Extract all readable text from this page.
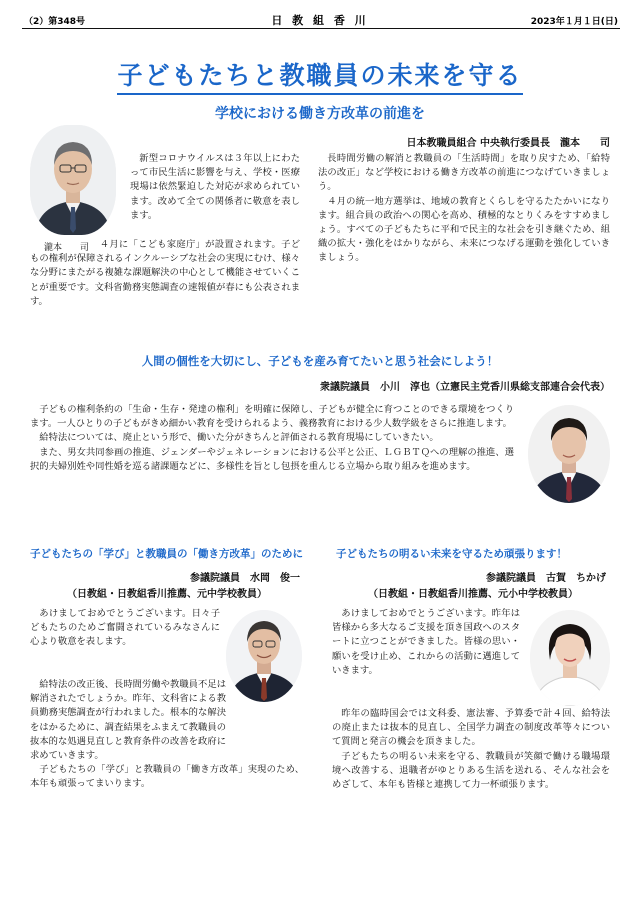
（2）第348号	日 教 組 香 川	2023年１月１日(日)
子どもたちと教職員の未来を守る
学校における働き方改革の前進を
日本教職員組合 中央執行委員長　瀧本　　司
瀧本　　司

新型コロナウイルスは３年以上にわたって市民生活に影響を与え、学校・医療現場は依然緊迫した対応が求められています。改めて全ての関係者に敬意を表します。

４月に「こども家庭庁」が設置されます。子どもの権利が保障されるインクルーシブな社会の実現にむけ、様々な分野にまたがる複雑な課題解決の中心として機能させていくことが重要です。文科省勤務実態調査の速報値が春にも公表されます。

長時間労働の解消と教職員の「生活時間」を取り戻すため、「給特法の改正」など学校における働き方改革の前進につなげていきましょう。

４月の統一地方選挙は、地域の教育とくらしを守るたたかいになります。組合員の政治への関心を高め、積極的なとりくみをすすめましょう。すべての子どもたちに平和で民主的な社会を引き継ぐため、組織の拡大・強化をはかりながら、未来につなげる運動を強化していきましょう。

人間の個性を大切にし、子どもを産み育てたいと思う社会にしよう！
衆議院議員　小川　淳也（立憲民主党香川県総支部連合会代表）

子どもの権利条約の「生命・生存・発達の権利」を明確に保障し、子どもが健全に育つことのできる環境をつくります。一人ひとりの子どもがきめ細かい教育を受けられるよう、義務教育における少人数学級をさらに推進します。

給特法については、廃止という形で、働いた分がきちんと評価される教育現場にしていきたい。

また、男女共同参画の推進、ジェンダーやジェネレーションにおける公平と公正、ＬＧＢＴＱへの理解の推進、選択的夫婦別姓や同性婚を巡る諸課題などに、多様性を旨とし包摂を重んじる立場から取り組みを進めます。

子どもたちの「学び」と教職員の「働き方改革」のために
参議院議員　水岡　俊一
（日教組・日教組香川推薦、元中学校教員）

あけましておめでとうございます。日々子どもたちのためご奮闘されているみなさんに心より敬意を表します。

給特法の改正後、長時間労働や教職員不足は解消されたでしょうか。昨年、文科省による教員勤務実態調査が行われました。根本的な解決をはかるために、調査結果をふまえて教職員の抜本的な処遇見直しと教育条件の改善を政府に求めていきます。

子どもたちの「学び」と教職員の「働き方改革」実現のため、本年も頑張ってまいります。

子どもたちの明るい未来を守るため頑張ります！
参議院議員　古賀　ちかげ
（日教組・日教組香川推薦、元小中学校教員）

あけましておめでとうございます。昨年は皆様から多大なるご支援を頂き国政へのスタートに立つことができました。皆様の思い・願いを受け止め、これからの活動に邁進していきます。

昨年の臨時国会では文科委、憲法審、予算委で計４回、給特法の廃止または抜本的見直し、全国学力調査の制度改革等々について質問と発言の機会を頂きました。

子どもたちの明るい未来を守る、教職員が笑顔で働ける職場環境へ改善する、退職者がゆとりある生活を送れる、そんな社会をめざして、本年も皆様と連携して力一杯頑張ります。
